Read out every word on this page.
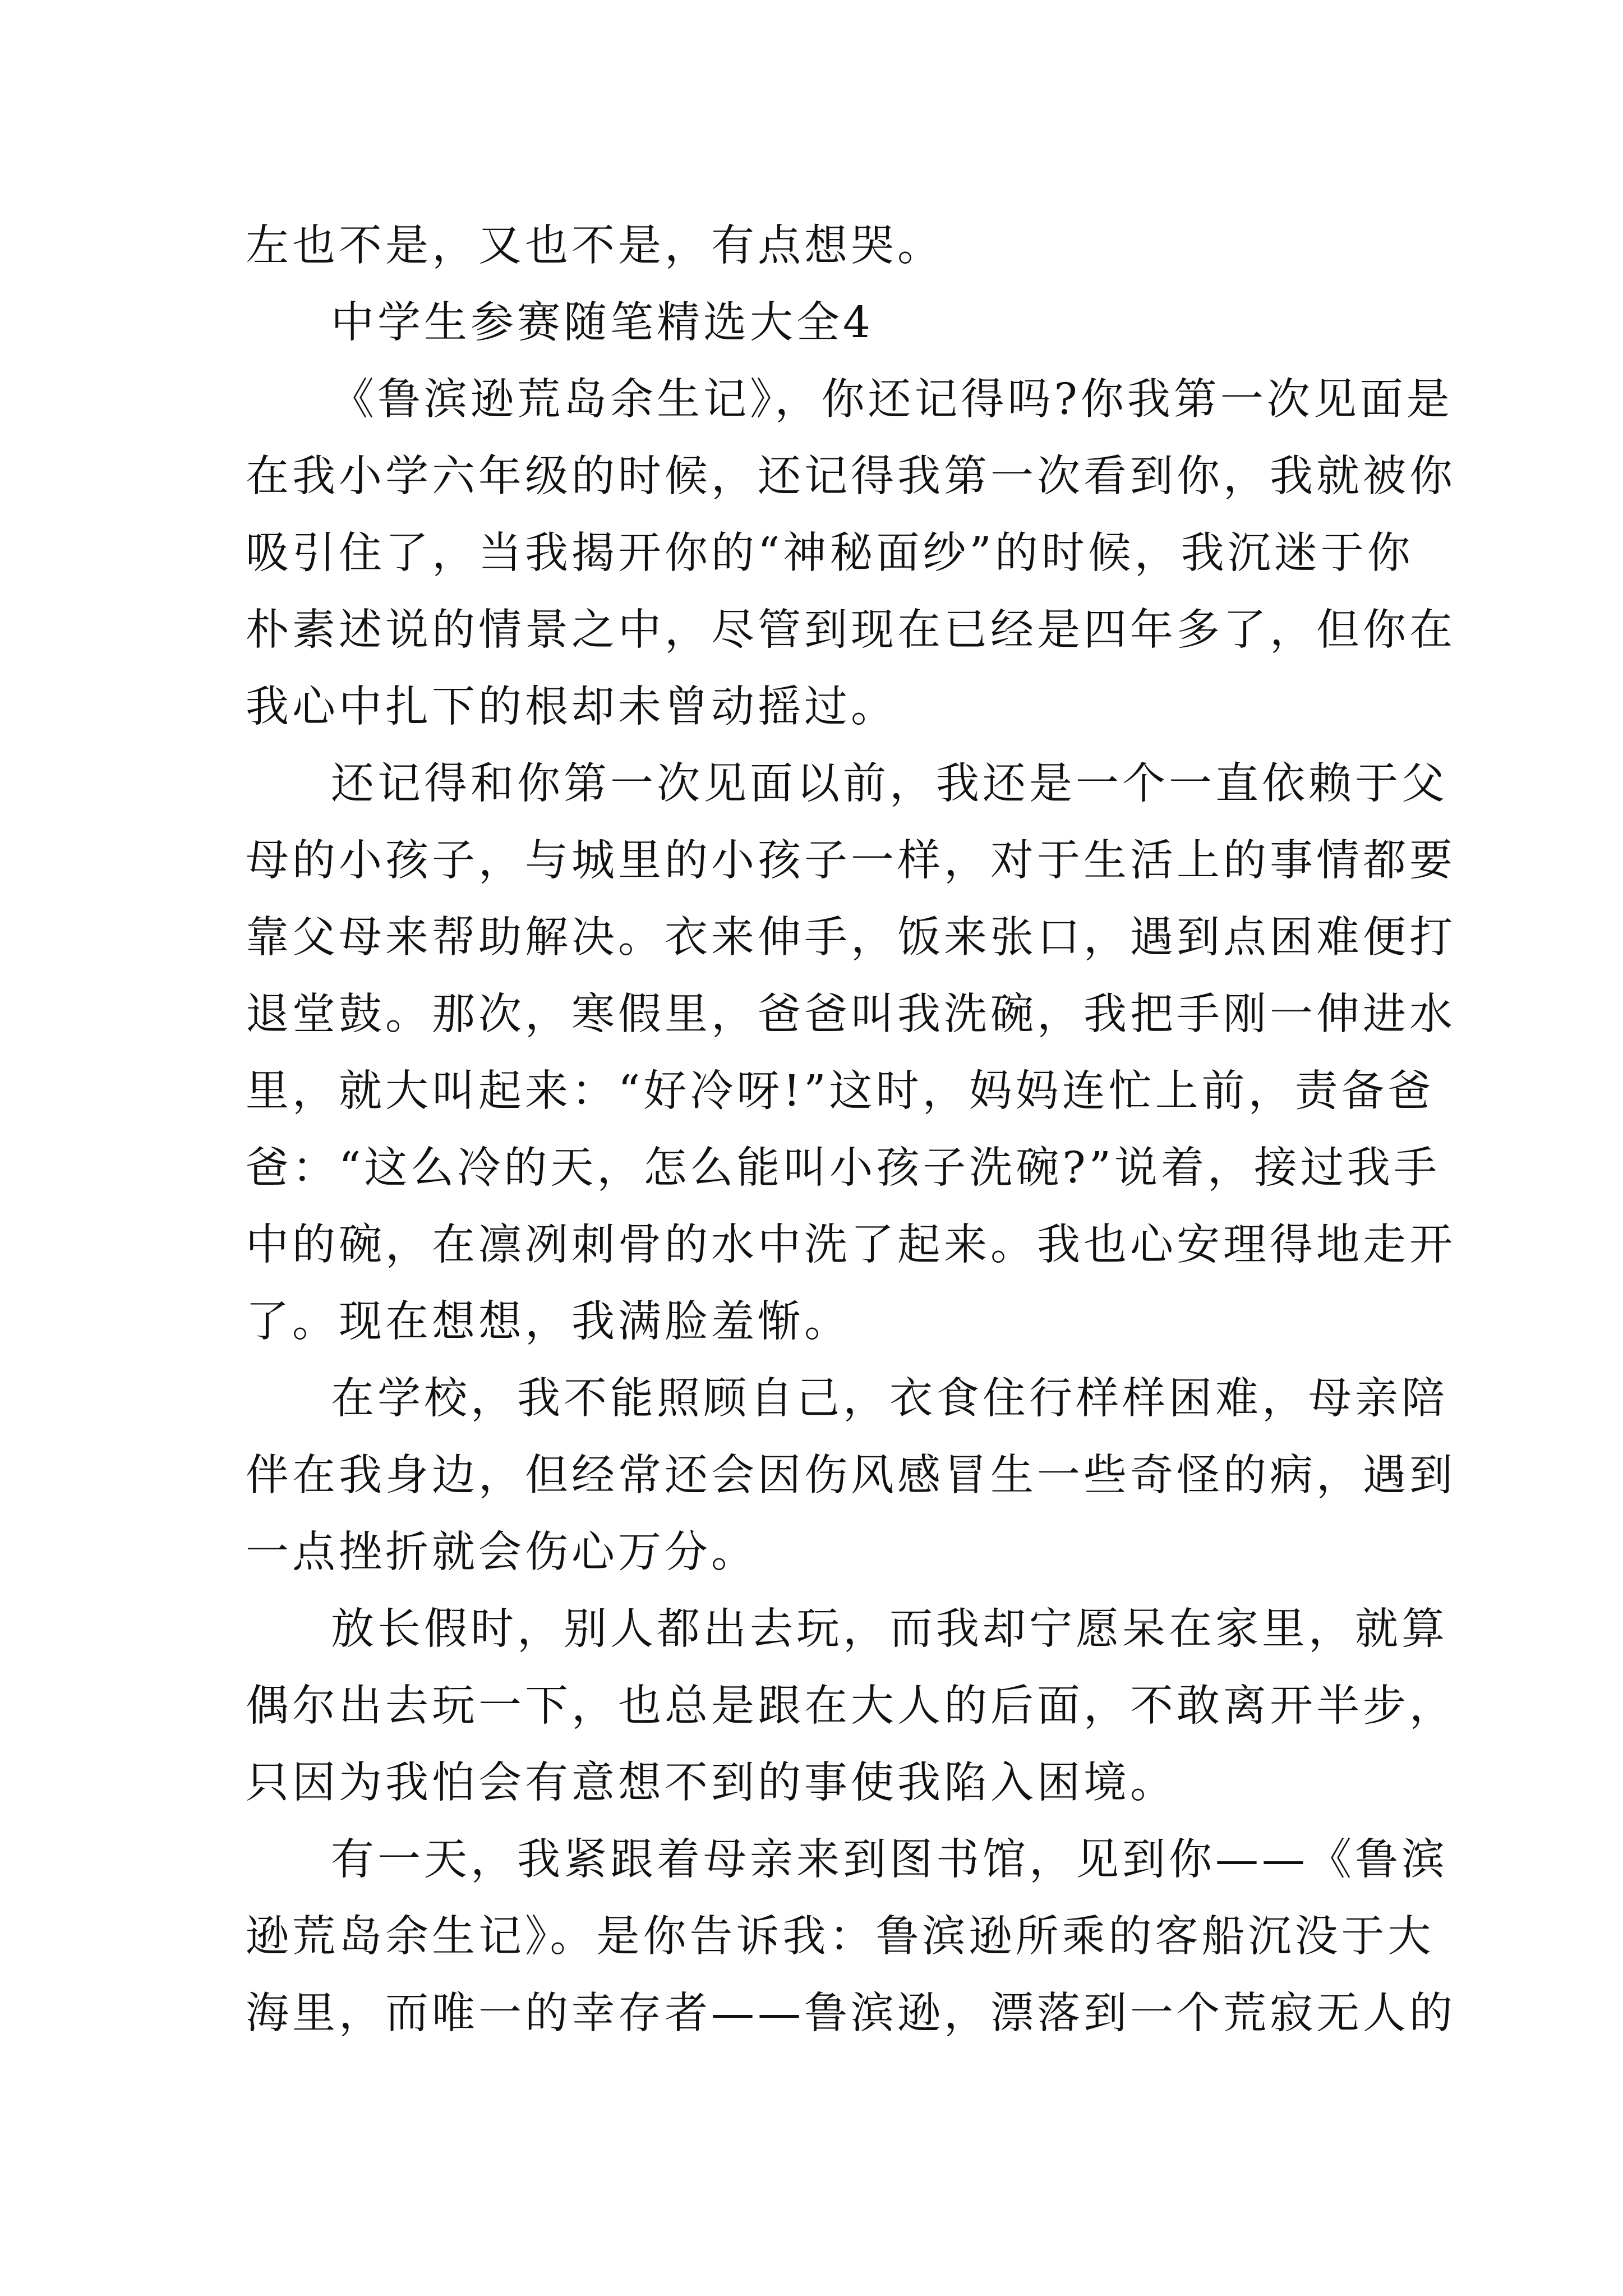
左也不是，又也不是，有点想哭。
中学生参赛随笔精选大全4
《鲁滨逊荒岛余生记》，你还记得吗?你我第一次见面是
在我小学六年级的时候，还记得我第一次看到你，我就被你
吸引住了，当我揭开你的“神秘面纱”的时候，我沉迷于你
朴素述说的情景之中，尽管到现在已经是四年多了，但你在
我心中扎下的根却未曾动摇过。
还记得和你第一次见面以前，我还是一个一直依赖于父
母的小孩子，与城里的小孩子一样，对于生活上的事情都要
靠父母来帮助解决。衣来伸手，饭来张口，遇到点困难便打
退堂鼓。那次，寒假里，爸爸叫我洗碗，我把手刚一伸进水
里，就大叫起来：“好冷呀!”这时，妈妈连忙上前，责备爸
爸：“这么冷的天，怎么能叫小孩子洗碗?”说着，接过我手
中的碗，在凛冽刺骨的水中洗了起来。我也心安理得地走开
了。现在想想，我满脸羞惭。
在学校，我不能照顾自己，衣食住行样样困难，母亲陪
伴在我身边，但经常还会因伤风感冒生一些奇怪的病，遇到
一点挫折就会伤心万分。
放长假时，别人都出去玩，而我却宁愿呆在家里，就算
偶尔出去玩一下，也总是跟在大人的后面，不敢离开半步，
只因为我怕会有意想不到的事使我陷入困境。
有一天，我紧跟着母亲来到图书馆，见到你——《鲁滨
逊荒岛余生记》。是你告诉我：鲁滨逊所乘的客船沉没于大
海里，而唯一的幸存者——鲁滨逊，漂落到一个荒寂无人的
